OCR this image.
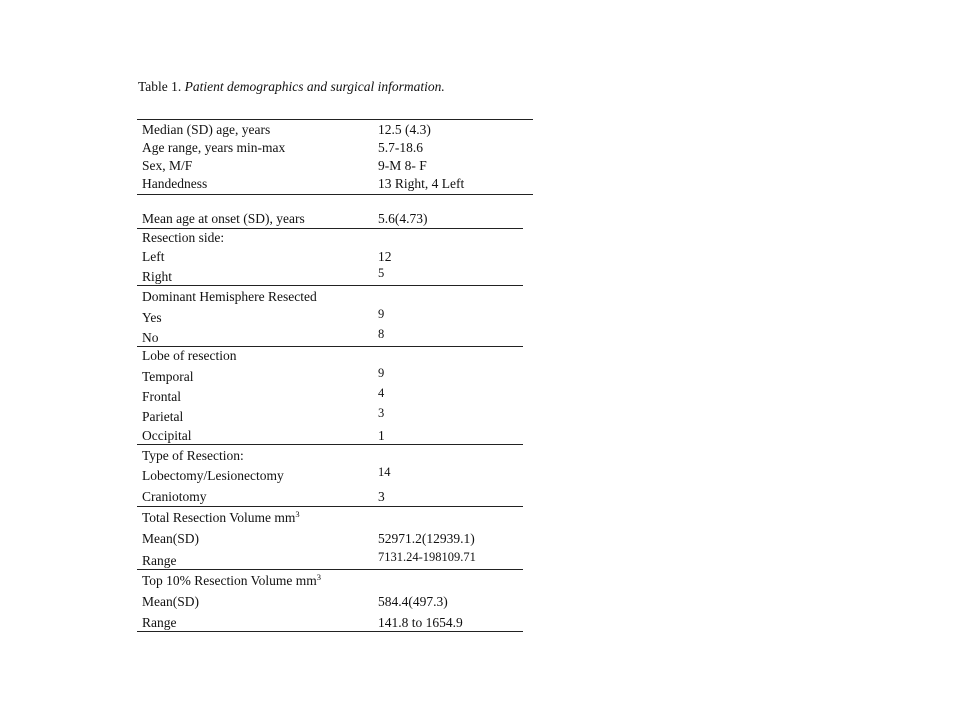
Table 1. Patient demographics and surgical information.
Median (SD) age, years	12.5 (4.3)
Age range, years min-max	5.7-18.6
Sex, M/F	9-M 8- F
Handedness	13 Right, 4 Left
Mean age at onset (SD), years	5.6(4.73)
Resection side:
Left	12
Right	5
Dominant Hemisphere Resected
Yes	9
No	8
Lobe of resection
Temporal	9
Frontal	4
Parietal	3
Occipital	1
Type of Resection:
Lobectomy/Lesionectomy	14
Craniotomy	3
Total Resection Volume $mm^3$
Mean(SD)	52971.2(12939.1)
Range	7131.24-198109.71
Top 10% Resection Volume $mm^3$
Mean(SD)	584.4(497.3)
Range	141.8 to 1654.9
